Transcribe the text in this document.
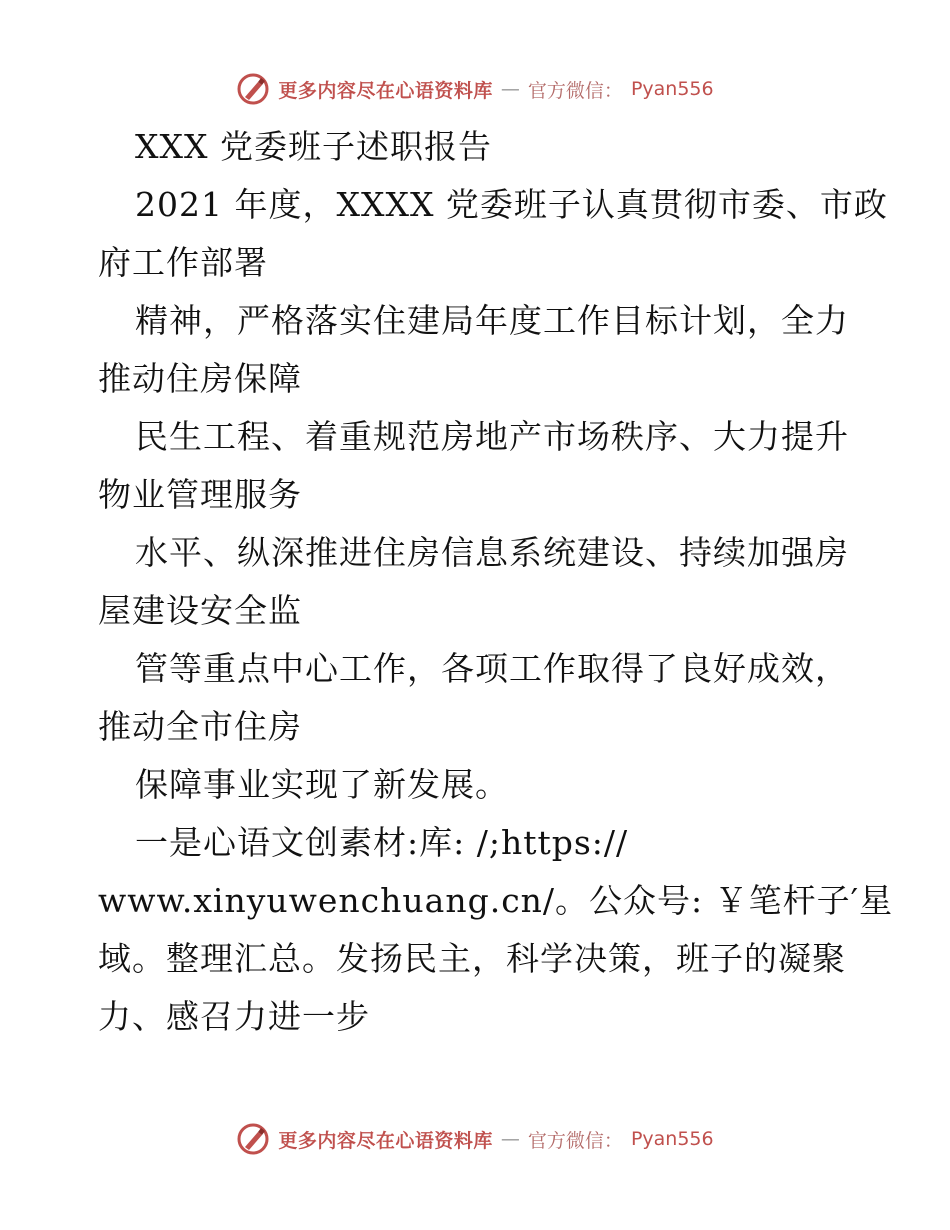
更多内容尽在心语资料库 — 官方微信： Pyan556
XXX 党委班子述职报告
2021 年度，XXXX 党委班子认真贯彻市委、市政
府工作部署
精神，严格落实住建局年度工作目标计划，全力
推动住房保障
民生工程、着重规范房地产市场秩序、大力提升
物业管理服务
水平、纵深推进住房信息系统建设、持续加强房
屋建设安全监
管等重点中心工作，各项工作取得了良好成效，
推动全市住房
保障事业实现了新发展。
一是心语文创素材:库: /;https://
www.xinyuwenchuang.cn/。公众号: ￥笔杆子′星
域。整理汇总。发扬民主，科学决策，班子的凝聚
力、感召力进一步
更多内容尽在心语资料库 — 官方微信： Pyan556
